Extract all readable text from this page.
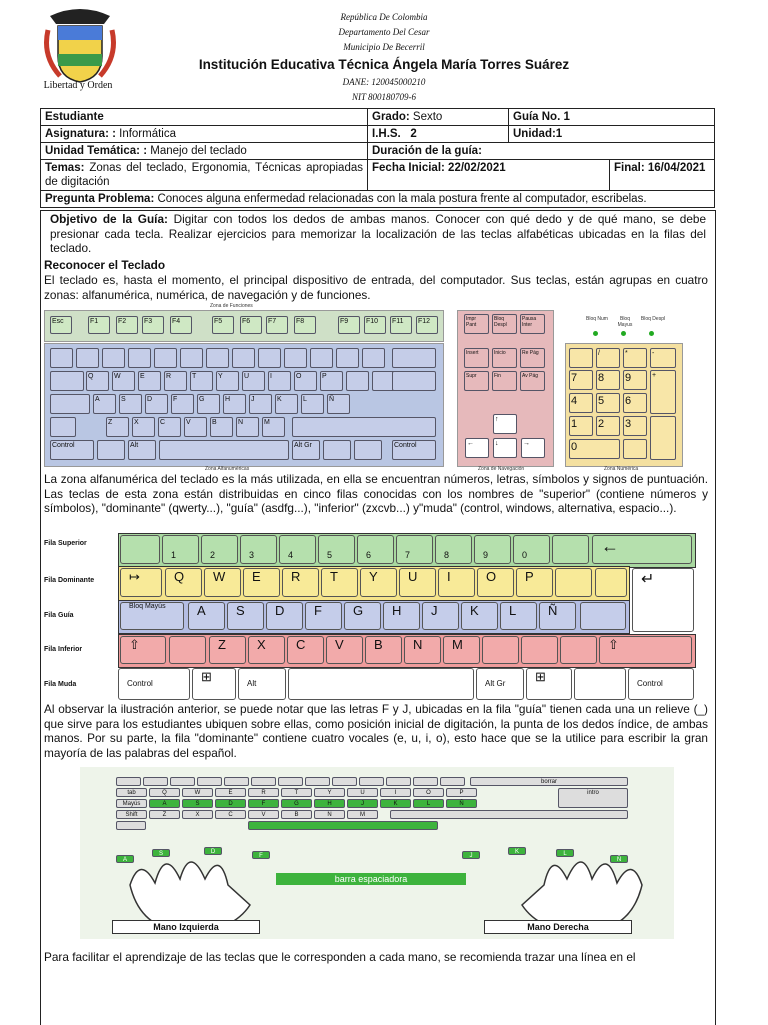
Libertad y Orden
República De Colombia
Departamento Del Cesar
Municipio De Becerril
Institución Educativa Técnica Ángela María Torres Suárez
DANE: 120045000210
NIT 800180709-6
Estudiante	Grado: Sexto	Guía No. 1	
Asignatura: : Informática	I.H.S. 2	Unidad:1	
Unidad Temática: : Manejo del teclado	Duración de la guía:		
Temas: Zonas del teclado, Ergonomia, Técnicas apropiadas de digitación	Fecha Inicial: 22/02/2021		Final: 16/04/2021
Pregunta Problema: Conoces alguna enfermedad relacionadas con la mala postura frente al computador, escribelas.			
Objetivo de la Guía: Digitar con todos los dedos de ambas manos. Conocer con qué dedo y de qué mano, se debe presionar cada tecla. Realizar ejercicios para memorizar la localización de las teclas alfabéticas ubicadas en la filas del teclado.
Reconocer el Teclado
El teclado es, hasta el momento, el principal dispositivo de entrada, del computador. Sus teclas, están agrupas en cuatro zonas: alfanumérica, numérica, de navegación y de funciones.
Zona de Funciones
Esc	F1	F2	F3	F4	F5	F6	F7	F8	F9	F10	F11	F12
Q	W	E	R	T	Y	U	I	O	P
A	S	D	F	G	H	J	K	L	Ñ
Z	X	C	V	B	N	M
Control	Alt	Alt Gr	Control
Impr Pant
Bloq Despl
Pausa Inter
Insert	Inicio	Re Pág
Supr	Fin	Av Pág
↑
←	↓	→
/	*	-
7	8	9
4	5	6
1	2	3
+
0
Bloq Num	Bloq Mayus
Bloq Despl
Zona Alfanuméricas	Zona de Navegación	Zona Numérica
La zona alfanumérica del teclado es la más utilizada, en ella se encuentran números, letras, símbolos y signos de puntuación. Las teclas de esta zona están distribuidas en cinco filas conocidas con los nombres de "superior" (contiene números y símbolos), "dominante" (qwerty...), "guía" (asdfg...), "inferior" (zxcvb...) y"muda" (control, windows, alternativa, espacio...).
Fila Superior
Fila Dominante
Fila Guía
Fila Inferior
Fila Muda
1	2	3	4	5	6	7	8	9	0	←
↦	Q	W	E	R	T	Y	U	I	O	P	↵
Bloq Mayús	A	S	D	F	G	H	J	K	L	Ñ
⇧	Z	X	C	V	B	N	M	⇧
Control	⊞	Alt	Alt Gr	⊞	Control
Al observar la ilustración anterior, se puede notar que las letras F y J, ubicadas en la fila "guía" tienen cada una un relieve (_) que sirve para los estudiantes ubiquen sobre ellas, como posición inicial de digitación, la punta de los dedos índice, de ambas manos. Por su parte, la fila "dominante" contiene cuatro vocales (e, u, i, o), esto hace que se la utilice para escribir la gran mayoría de las palabras del español.
borrar
tab	Q	W	E	R	T	Y	U	I	O	P	intro
Mayús	A	S	D	F	G	H	J	K	L	Ñ
Shift	Z	X	C	V	B	N	M
barra espaciadora
A
S	D
F	J
K	L
Ñ
Mano Izquierda	Mano Derecha
Para facilitar el aprendizaje de las teclas que le corresponden a cada mano, se recomienda trazar una línea en el
